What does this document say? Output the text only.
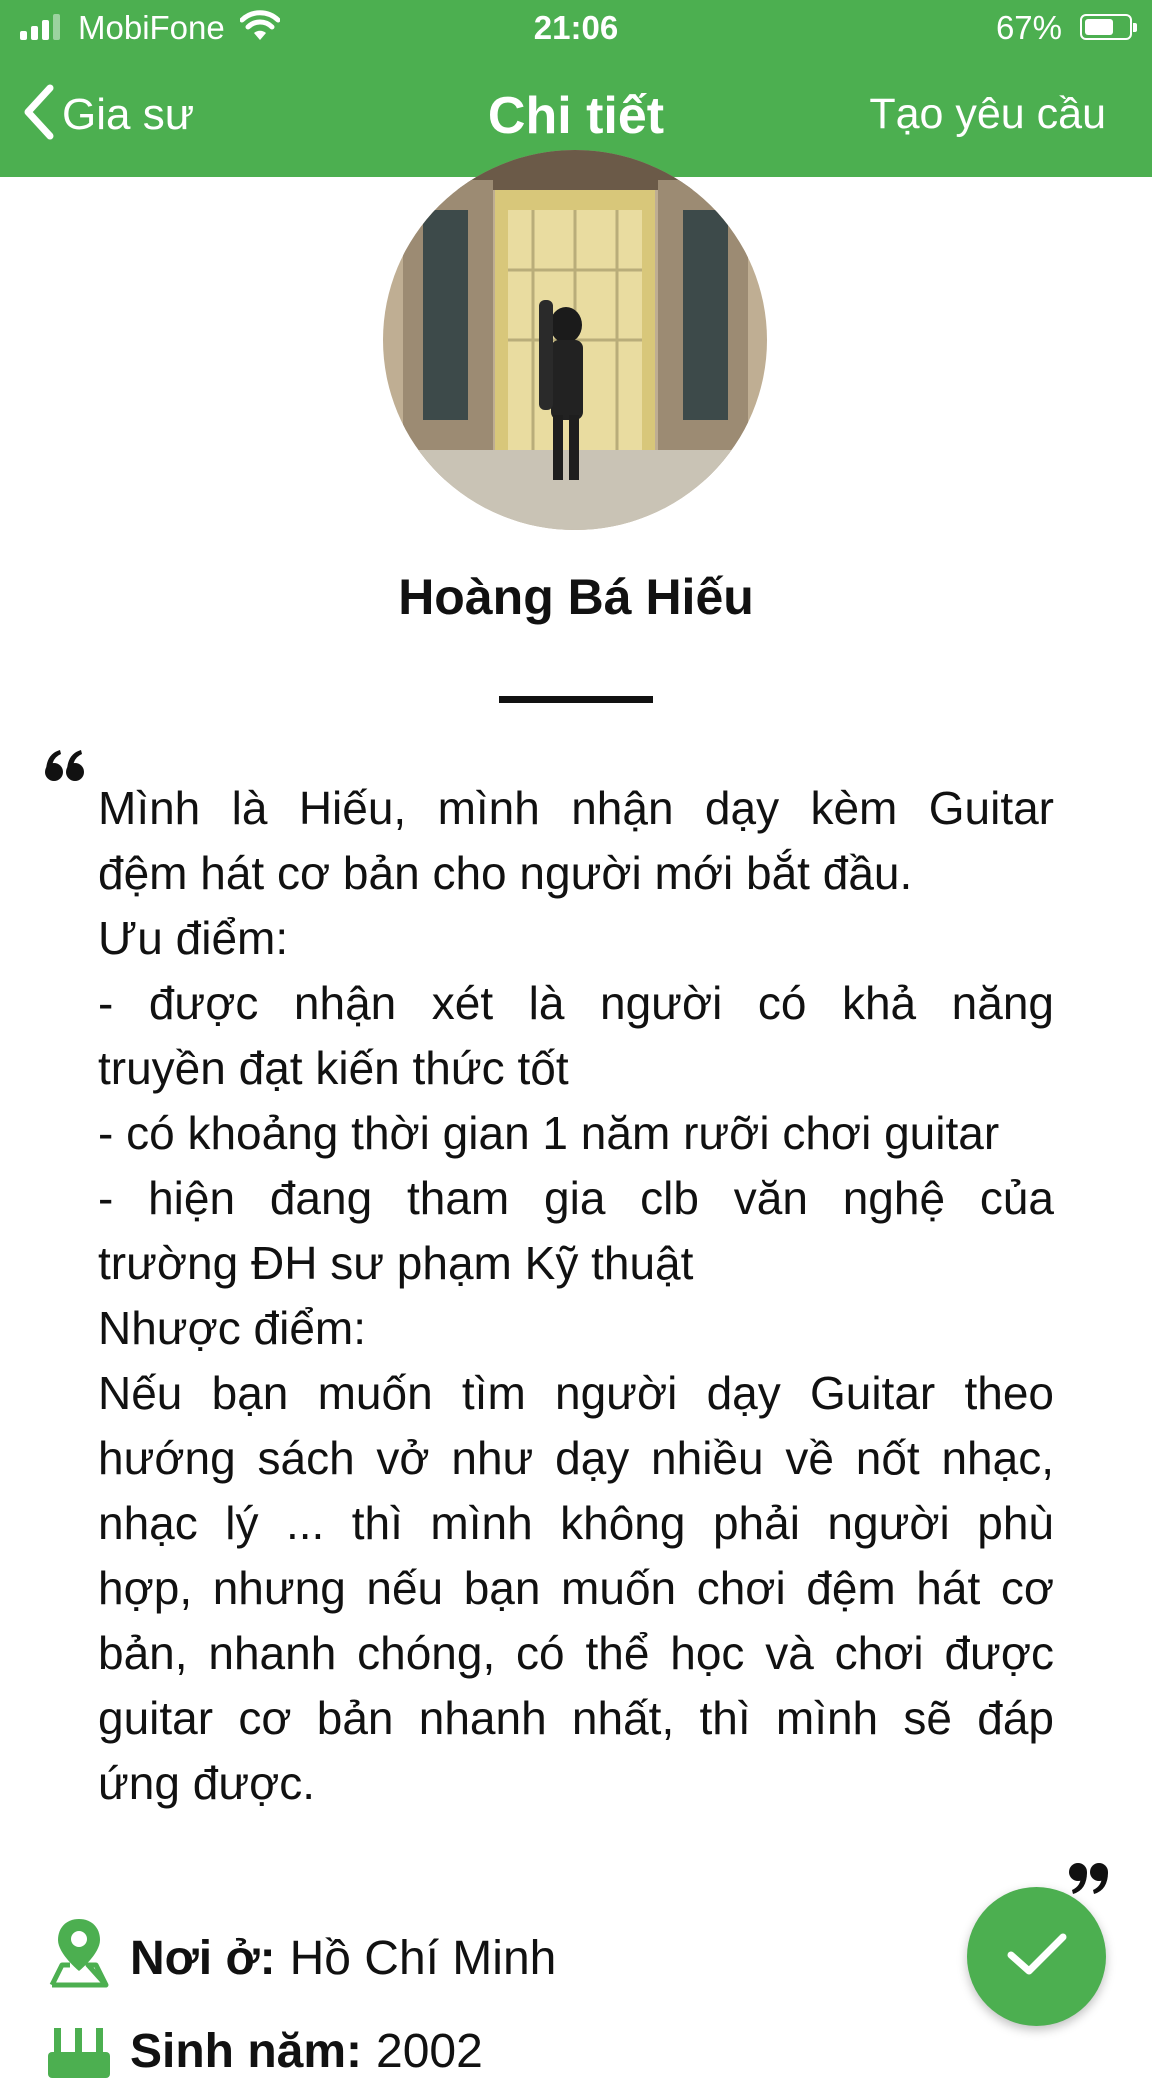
MobiFone	21:06	67%
Gia sư	Chi tiết	Tạo yêu cầu
Hoàng Bá Hiếu
Mình là Hiếu, mình nhận dạy kèm Guitar
đệm hát cơ bản cho người mới bắt đầu.
Ưu điểm:
- được nhận xét là người có khả năng
truyền đạt kiến thức tốt
- có khoảng thời gian 1 năm rưỡi chơi guitar
- hiện đang tham gia clb văn nghệ của
trường ĐH sư phạm Kỹ thuật
Nhược điểm:
Nếu bạn muốn tìm người dạy Guitar theo
hướng sách vở như dạy nhiều về nốt nhạc,
nhạc lý ... thì mình không phải người phù
hợp, nhưng nếu bạn muốn chơi đệm hát cơ
bản, nhanh chóng, có thể học và chơi được
guitar cơ bản nhanh nhất, thì mình sẽ đáp
ứng được.
Nơi ở: Hồ Chí Minh
Sinh năm: 2002
